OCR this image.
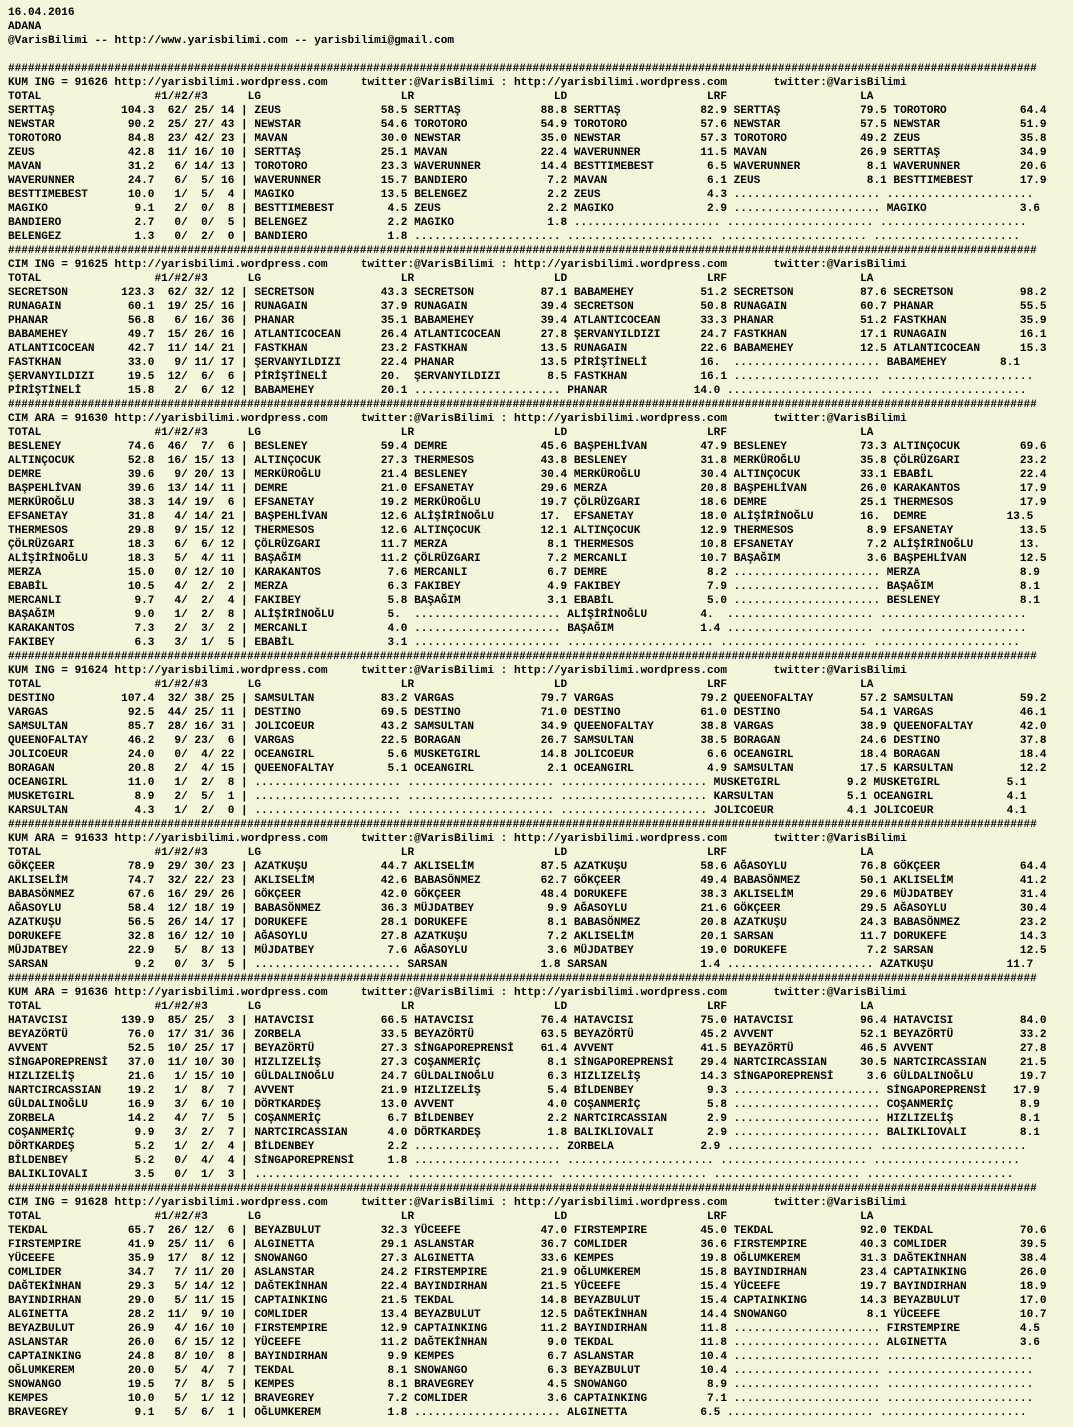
16.04.2016
ADANA
@VarisBilimi -- http://www.yarisbilimi.com -- yarisbilimi@gmail.com
###########################################################################################################################################################
KUM ING = 91626 http://yarisbilimi.wordpress.com     twitter:@VarisBilimi : http://yarisbilimi.wordpress.com       twitter:@VarisBilimi
TOTAL                 #1/#2/#3      LG                     LR                     LD                     LRF                    LA
SERTTAŞ          104.3  62/ 25/ 14 | ZEUS               58.5 SERTTAŞ            88.8 SERTTAŞ            82.9 SERTTAŞ            79.5 TOROTORO           64.4
NEWSTAR           90.2  25/ 27/ 43 | NEWSTAR            54.6 TOROTORO           54.9 TOROTORO           57.6 NEWSTAR            57.5 NEWSTAR            51.9
TOROTORO          84.8  23/ 42/ 23 | MAVAN              30.0 NEWSTAR            35.0 NEWSTAR            57.3 TOROTORO           49.2 ZEUS               35.8
ZEUS              42.8  11/ 16/ 10 | SERTTAŞ            25.1 MAVAN              22.4 WAVERUNNER         11.5 MAVAN              26.9 SERTTAŞ            34.9
MAVAN             31.2   6/ 14/ 13 | TOROTORO           23.3 WAVERUNNER         14.4 BESTTIMEBEST        6.5 WAVERUNNER          8.1 WAVERUNNER         20.6
WAVERUNNER        24.7   6/  5/ 16 | WAVERUNNER         15.7 BANDIERO            7.2 MAVAN               6.1 ZEUS                8.1 BESTTIMEBEST       17.9
BESTTIMEBEST      10.0   1/  5/  4 | MAGIKO             13.5 BELENGEZ            2.2 ZEUS                4.3 ...................... ......................
MAGIKO             9.1   2/  0/  8 | BESTTIMEBEST        4.5 ZEUS                2.2 MAGIKO              2.9 ...................... MAGIKO              3.6
BANDIERO           2.7   0/  0/  5 | BELENGEZ            2.2 MAGIKO              1.8 ...................... ...................... ......................
BELENGEZ           1.3   0/  2/  0 | BANDIERO            1.8 ...................... ...................... ...................... ......................
###########################################################################################################################################################
CIM ING = 91625 http://yarisbilimi.wordpress.com     twitter:@VarisBilimi : http://yarisbilimi.wordpress.com       twitter:@VarisBilimi
TOTAL                 #1/#2/#3      LG                     LR                     LD                     LRF                    LA
SECRETSON        123.3  62/ 32/ 12 | SECRETSON          43.3 SECRETSON          87.1 BABAMEHEY          51.2 SECRETSON          87.6 SECRETSON          98.2
RUNAGAIN          60.1  19/ 25/ 16 | RUNAGAIN           37.9 RUNAGAIN           39.4 SECRETSON          50.8 RUNAGAIN           60.7 PHANAR             55.5
PHANAR            56.8   6/ 16/ 36 | PHANAR             35.1 BABAMEHEY          39.4 ATLANTICOCEAN      33.3 PHANAR             51.2 FASTKHAN           35.9
BABAMEHEY         49.7  15/ 26/ 16 | ATLANTICOCEAN      26.4 ATLANTICOCEAN      27.8 ŞERVANYILDIZI      24.7 FASTKHAN           17.1 RUNAGAIN           16.1
ATLANTICOCEAN     42.7  11/ 14/ 21 | FASTKHAN           23.2 FASTKHAN           13.5 RUNAGAIN           22.6 BABAMEHEY          12.5 ATLANTICOCEAN      15.3
FASTKHAN          33.0   9/ 11/ 17 | ŞERVANYILDIZI      22.4 PHANAR             13.5 PİRİŞTİNELİ        16.  ...................... BABAMEHEY        8.1
ŞERVANYILDIZI     19.5  12/  6/  6 | PİRİŞTİNELİ        20.  ŞERVANYILDIZI       8.5 FASTKHAN           16.1 ...................... ......................
PİRİŞTİNELİ       15.8   2/  6/ 12 | BABAMEHEY          20.1 ...................... PHANAR             14.0 ...................... ......................
###########################################################################################################################################################
CIM ARA = 91630 http://yarisbilimi.wordpress.com     twitter:@VarisBilimi : http://yarisbilimi.wordpress.com       twitter:@VarisBilimi
TOTAL                 #1/#2/#3      LG                     LR                     LD                     LRF                    LA
BESLENEY          74.6  46/  7/  6 | BESLENEY           59.4 DEMRE              45.6 BAŞPEHLİVAN        47.9 BESLENEY           73.3 ALTINÇOCUK         69.6
ALTINÇOCUK        52.8  16/ 15/ 13 | ALTINÇOCUK         27.3 THERMESOS          43.8 BESLENEY           31.8 MERKÜROĞLU         35.8 ÇÖLRÜZGARI         23.2
DEMRE             39.6   9/ 20/ 13 | MERKÜROĞLU         21.4 BESLENEY           30.4 MERKÜROĞLU         30.4 ALTINÇOCUK         33.1 EBABİL             22.4
BAŞPEHLİVAN       39.6  13/ 14/ 11 | DEMRE              21.0 EFSANETAY          29.6 MERZA              20.8 BAŞPEHLİVAN        26.0 KARAKANTOS         17.9
MERKÜROĞLU        38.3  14/ 19/  6 | EFSANETAY          19.2 MERKÜROĞLU         19.7 ÇÖLRÜZGARI         18.6 DEMRE              25.1 THERMESOS          17.9
EFSANETAY         31.8   4/ 14/ 21 | BAŞPEHLİVAN        12.6 ALİŞİRİNOĞLU       17.  EFSANETAY          18.0 ALİŞİRİNOĞLU       16.  DEMRE            13.5
THERMESOS         29.8   9/ 15/ 12 | THERMESOS          12.6 ALTINÇOCUK         12.1 ALTINÇOCUK         12.9 THERMESOS           8.9 EFSANETAY          13.5
ÇÖLRÜZGARI        18.3   6/  6/ 12 | ÇÖLRÜZGARI         11.7 MERZA               8.1 THERMESOS          10.8 EFSANETAY           7.2 ALİŞİRİNOĞLU       13.
ALİŞİRİNOĞLU      18.3   5/  4/ 11 | BAŞAĞIM            11.2 ÇÖLRÜZGARI          7.2 MERCANLI           10.7 BAŞAĞIM             3.6 BAŞPEHLİVAN        12.5
MERZA             15.0   0/ 12/ 10 | KARAKANTOS          7.6 MERCANLI            6.7 DEMRE               8.2 ...................... MERZA               8.9
EBABİL            10.5   4/  2/  2 | MERZA               6.3 FAKIBEY             4.9 FAKIBEY             7.9 ...................... BAŞAĞIM             8.1
MERCANLI           9.7   4/  2/  4 | FAKIBEY             5.8 BAŞAĞIM             3.1 EBABİL              5.0 ...................... BESLENEY            8.1
BAŞAĞIM            9.0   1/  2/  8 | ALİŞİRİNOĞLU        5.  ...................... ALİŞİRİNOĞLU        4.  ...................... ......................
KARAKANTOS         7.3   2/  3/  2 | MERCANLI            4.0 ...................... BAŞAĞIM             1.4 ...................... ......................
FAKIBEY            6.3   3/  1/  5 | EBABİL              3.1 ...................... ...................... ...................... ......................
###########################################################################################################################################################
KUM ING = 91624 http://yarisbilimi.wordpress.com     twitter:@VarisBilimi : http://yarisbilimi.wordpress.com       twitter:@VarisBilimi
TOTAL                 #1/#2/#3      LG                     LR                     LD                     LRF                    LA
DESTINO          107.4  32/ 38/ 25 | SAMSULTAN          83.2 VARGAS             79.7 VARGAS             79.2 QUEENOFALTAY       57.2 SAMSULTAN          59.2
VARGAS            92.5  44/ 25/ 11 | DESTINO            69.5 DESTINO            71.0 DESTINO            61.0 DESTINO            54.1 VARGAS             46.1
SAMSULTAN         85.7  28/ 16/ 31 | JOLICOEUR          43.2 SAMSULTAN          34.9 QUEENOFALTAY       38.8 VARGAS             38.9 QUEENOFALTAY       42.0
QUEENOFALTAY      46.2   9/ 23/  6 | VARGAS             22.5 BORAGAN            26.7 SAMSULTAN          38.5 BORAGAN            24.6 DESTINO            37.8
JOLICOEUR         24.0   0/  4/ 22 | OCEANGIRL           5.6 MUSKETGIRL         14.8 JOLICOEUR           6.6 OCEANGIRL          18.4 BORAGAN            18.4
BORAGAN           20.8   2/  4/ 15 | QUEENOFALTAY        5.1 OCEANGIRL           2.1 OCEANGIRL           4.9 SAMSULTAN          17.5 KARSULTAN          12.2
OCEANGIRL         11.0   1/  2/  8 | ...................... ...................... ...................... MUSKETGIRL          9.2 MUSKETGIRL          5.1
MUSKETGIRL         8.9   2/  5/  1 | ...................... ...................... ...................... KARSULTAN           5.1 OCEANGIRL           4.1
KARSULTAN          4.3   1/  2/  0 | ...................... ...................... ...................... JOLICOEUR           4.1 JOLICOEUR           4.1
###########################################################################################################################################################
KUM ARA = 91633 http://yarisbilimi.wordpress.com     twitter:@VarisBilimi : http://yarisbilimi.wordpress.com       twitter:@VarisBilimi
TOTAL                 #1/#2/#3      LG                     LR                     LD                     LRF                    LA
GÖKÇEER           78.9  29/ 30/ 23 | AZATKUŞU           44.7 AKLISELİM          87.5 AZATKUŞU           58.6 AĞASOYLU           76.8 GÖKÇEER            64.4
AKLISELİM         74.7  32/ 22/ 23 | AKLISELİM          42.6 BABASÖNMEZ         62.7 GÖKÇEER            49.4 BABASÖNMEZ         50.1 AKLISELİM          41.2
BABASÖNMEZ        67.6  16/ 29/ 26 | GÖKÇEER            42.0 GÖKÇEER            48.4 DORUKEFE           38.3 AKLISELİM          29.6 MÜJDATBEY          31.4
AĞASOYLU          58.4  12/ 18/ 19 | BABASÖNMEZ         36.3 MÜJDATBEY           9.9 AĞASOYLU           21.6 GÖKÇEER            29.5 AĞASOYLU           30.4
AZATKUŞU          56.5  26/ 14/ 17 | DORUKEFE           28.1 DORUKEFE            8.1 BABASÖNMEZ         20.8 AZATKUŞU           24.3 BABASÖNMEZ         23.2
DORUKEFE          32.8  16/ 12/ 10 | AĞASOYLU           27.8 AZATKUŞU            7.2 AKLISELİM          20.1 SARSAN             11.7 DORUKEFE           14.3
MÜJDATBEY         22.9   5/  8/ 13 | MÜJDATBEY           7.6 AĞASOYLU            3.6 MÜJDATBEY          19.0 DORUKEFE            7.2 SARSAN             12.5
SARSAN             9.2   0/  3/  5 | ...................... SARSAN              1.8 SARSAN              1.4 ...................... AZATKUŞU           11.7
###########################################################################################################################################################
KUM ARA = 91636 http://yarisbilimi.wordpress.com     twitter:@VarisBilimi : http://yarisbilimi.wordpress.com       twitter:@VarisBilimi
TOTAL                 #1/#2/#3      LG                     LR                     LD                     LRF                    LA
HATAVCISI        139.9  85/ 25/  3 | HATAVCISI          66.5 HATAVCISI          76.4 HATAVCISI          75.0 HATAVCISI          96.4 HATAVCISI          84.0
BEYAZÖRTÜ         76.0  17/ 31/ 36 | ZORBELA            33.5 BEYAZÖRTÜ          63.5 BEYAZÖRTÜ          45.2 AVVENT             52.1 BEYAZÖRTÜ          33.2
AVVENT            52.5  10/ 25/ 17 | BEYAZÖRTÜ          27.3 SİNGAPOREPRENSİ    61.4 AVVENT             41.5 BEYAZÖRTÜ          46.5 AVVENT             27.8
SİNGAPOREPRENSİ   37.0  11/ 10/ 30 | HIZLIZELİŞ         27.3 COŞANMERİÇ          8.1 SİNGAPOREPRENSİ    29.4 NARTCIRCASSIAN     30.5 NARTCIRCASSIAN     21.5
HIZLIZELİŞ        21.6   1/ 15/ 10 | GÜLDALINOĞLU       24.7 GÜLDALINOĞLU        6.3 HIZLIZELİŞ         14.3 SİNGAPOREPRENSİ     3.6 GÜLDALINOĞLU       19.7
NARTCIRCASSIAN    19.2   1/  8/  7 | AVVENT             21.9 HIZLIZELİŞ          5.4 BİLDENBEY           9.3 ...................... SİNGAPOREPRENSİ    17.9
GÜLDALINOĞLU      16.9   3/  6/ 10 | DÖRTKARDEŞ         13.0 AVVENT              4.0 COŞANMERİÇ          5.8 ...................... COŞANMERİÇ          8.9
ZORBELA           14.2   4/  7/  5 | COŞANMERİÇ          6.7 BİLDENBEY           2.2 NARTCIRCASSIAN      2.9 ...................... HIZLIZELİŞ          8.1
COŞANMERİÇ         9.9   3/  2/  7 | NARTCIRCASSIAN      4.0 DÖRTKARDEŞ          1.8 BALIKLIOVALI        2.9 ...................... BALIKLIOVALI        8.1
DÖRTKARDEŞ         5.2   1/  2/  4 | BİLDENBEY           2.2 ...................... ZORBELA             2.9 ...................... ......................
BİLDENBEY          5.2   0/  4/  4 | SİNGAPOREPRENSİ     1.8 ...................... ...................... ...................... ......................
BALIKLIOVALI       3.5   0/  1/  3 | ...................... ...................... ...................... ...................... ......................
###########################################################################################################################################################
CIM ING = 91628 http://yarisbilimi.wordpress.com     twitter:@VarisBilimi : http://yarisbilimi.wordpress.com       twitter:@VarisBilimi
TOTAL                 #1/#2/#3      LG                     LR                     LD                     LRF                    LA
TEKDAL            65.7  26/ 12/  6 | BEYAZBULUT         32.3 YÜCEEFE            47.0 FIRSTEMPIRE        45.0 TEKDAL             92.0 TEKDAL             70.6
FIRSTEMPIRE       41.9  25/ 11/  6 | ALGINETTA          29.1 ASLANSTAR          36.7 COMLIDER           36.6 FIRSTEMPIRE        40.3 COMLIDER           39.5
YÜCEEFE           35.9  17/  8/ 12 | SNOWANGO           27.3 ALGINETTA          33.6 KEMPES             19.8 OĞLUMKEREM         31.3 DAĞTEKİNHAN        38.4
COMLIDER          34.7   7/ 11/ 20 | ASLANSTAR          24.2 FIRSTEMPIRE        21.9 OĞLUMKEREM         15.8 BAYINDIRHAN        23.4 CAPTAINKING        26.0
DAĞTEKİNHAN       29.3   5/ 14/ 12 | DAĞTEKİNHAN        22.4 BAYINDIRHAN        21.5 YÜCEEFE            15.4 YÜCEEFE            19.7 BAYINDIRHAN        18.9
BAYINDIRHAN       29.0   5/ 11/ 15 | CAPTAINKING        21.5 TEKDAL             14.8 BEYAZBULUT         15.4 CAPTAINKING        14.3 BEYAZBULUT         17.0
ALGINETTA         28.2  11/  9/ 10 | COMLIDER           13.4 BEYAZBULUT         12.5 DAĞTEKİNHAN        14.4 SNOWANGO            8.1 YÜCEEFE            10.7
BEYAZBULUT        26.9   4/ 16/ 10 | FIRSTEMPIRE        12.9 CAPTAINKING        11.2 BAYINDIRHAN        11.8 ...................... FIRSTEMPIRE         4.5
ASLANSTAR         26.0   6/ 15/ 12 | YÜCEEFE            11.2 DAĞTEKİNHAN         9.0 TEKDAL             11.8 ...................... ALGINETTA           3.6
CAPTAINKING       24.8   8/ 10/  8 | BAYINDIRHAN         9.9 KEMPES              6.7 ASLANSTAR          10.4 ...................... ......................
OĞLUMKEREM        20.0   5/  4/  7 | TEKDAL              8.1 SNOWANGO            6.3 BEYAZBULUT         10.4 ...................... ......................
SNOWANGO          19.5   7/  8/  5 | KEMPES              8.1 BRAVEGREY           4.5 SNOWANGO            8.9 ...................... ......................
KEMPES            10.0   5/  1/ 12 | BRAVEGREY           7.2 COMLIDER            3.6 CAPTAINKING         7.1 ...................... ......................
BRAVEGREY          9.1   5/  6/  1 | OĞLUMKEREM          1.8 ...................... ALGINETTA           6.5 ...................... ......................
